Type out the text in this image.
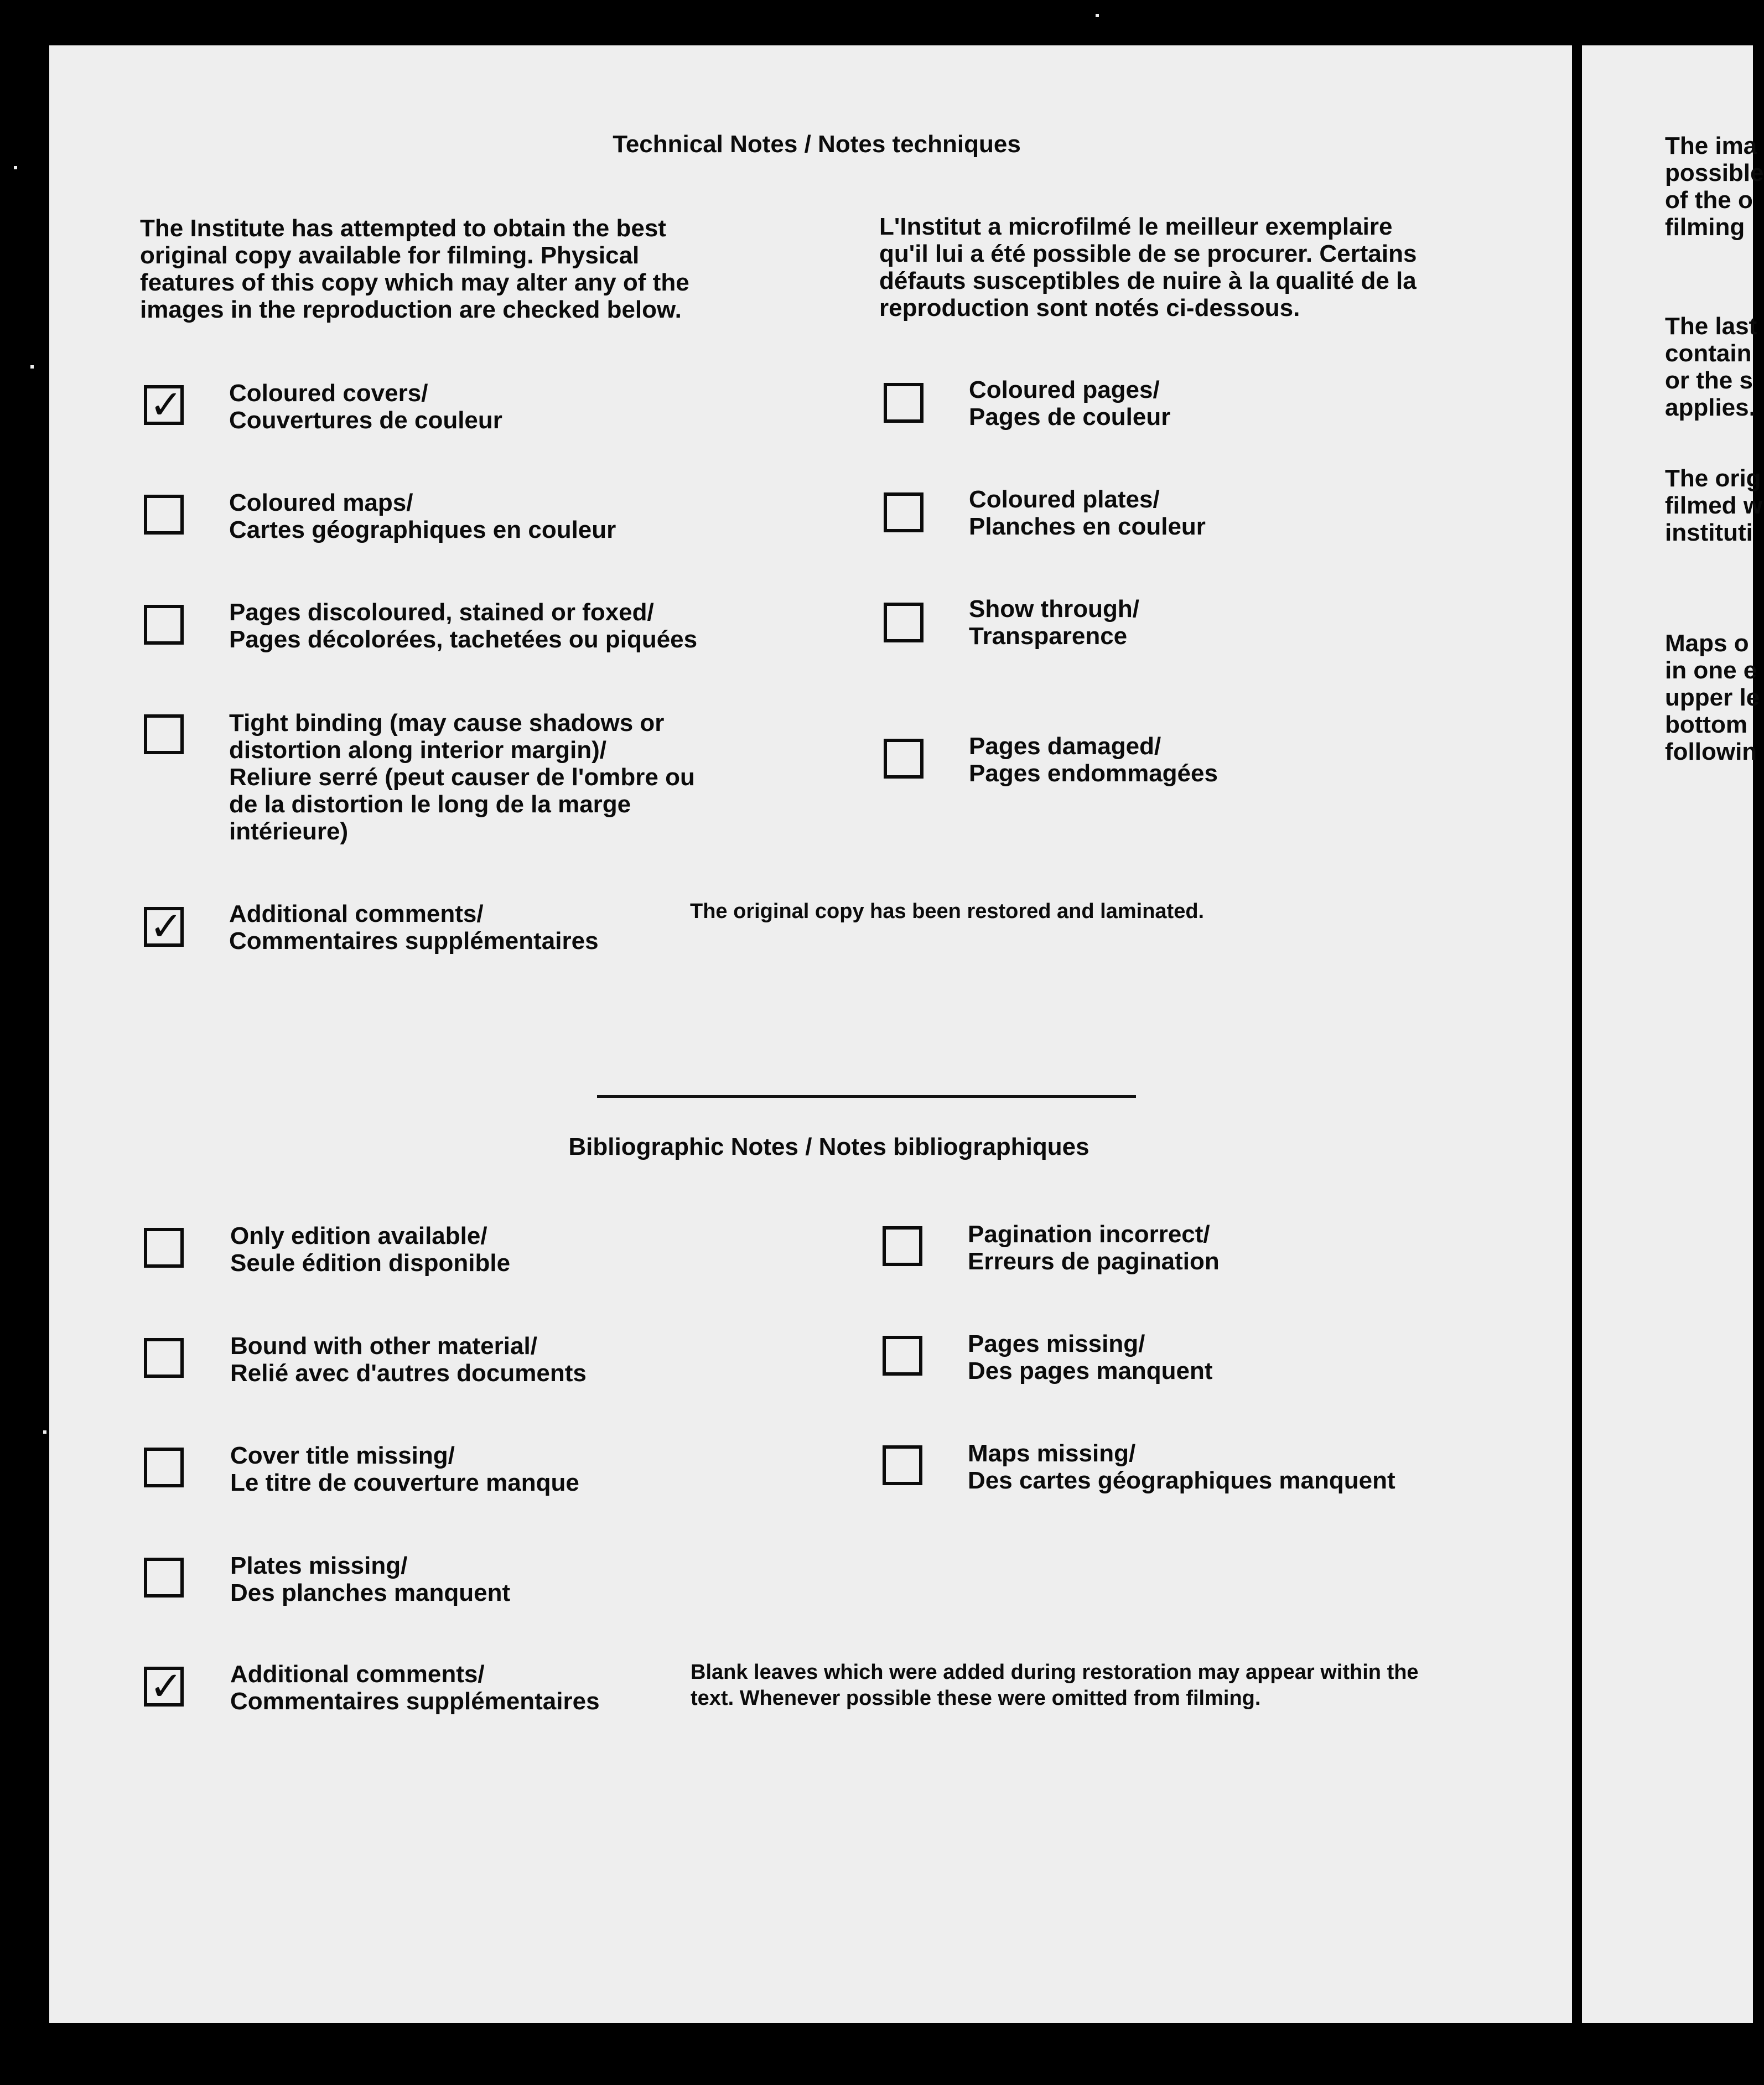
Technical Notes / Notes techniques
The Institute has attempted to obtain the best
original copy available for filming. Physical
features of this copy which may alter any of the
images in the reproduction are checked below.
L'Institut a microfilmé le meilleur exemplaire
qu'il lui a été possible de se procurer. Certains
défauts susceptibles de nuire à la qualité de la
reproduction sont notés ci-dessous.
✓ Coloured covers/
Couvertures de couleur
Coloured maps/
Cartes géographiques en couleur
Pages discoloured, stained or foxed/
Pages décolorées, tachetées ou piquées
Tight binding (may cause shadows or
distortion along interior margin)/
Reliure serré (peut causer de l'ombre ou
de la distortion le long de la marge
intérieure)
✓ Additional comments/
Commentaires supplémentaires
The original copy has been restored and laminated.
Coloured pages/
Pages de couleur
Coloured plates/
Planches en couleur
Show through/
Transparence
Pages damaged/
Pages endommagées
Bibliographic Notes / Notes bibliographiques
Only edition available/
Seule édition disponible
Bound with other material/
Relié avec d'autres documents
Cover title missing/
Le titre de couverture manque
Plates missing/
Des planches manquent
✓ Additional comments/
Commentaires supplémentaires
Blank leaves which were added during restoration may appear within the
text. Whenever possible these were omitted from filming.
Pagination incorrect/
Erreurs de pagination
Pages missing/
Des pages manquent
Maps missing/
Des cartes géographiques manquent
The ima
possible
of the o
filming
The last
contain
or the s
applies.
The orig
filmed w
instituti
Maps o
in one e
upper le
bottom
followin
